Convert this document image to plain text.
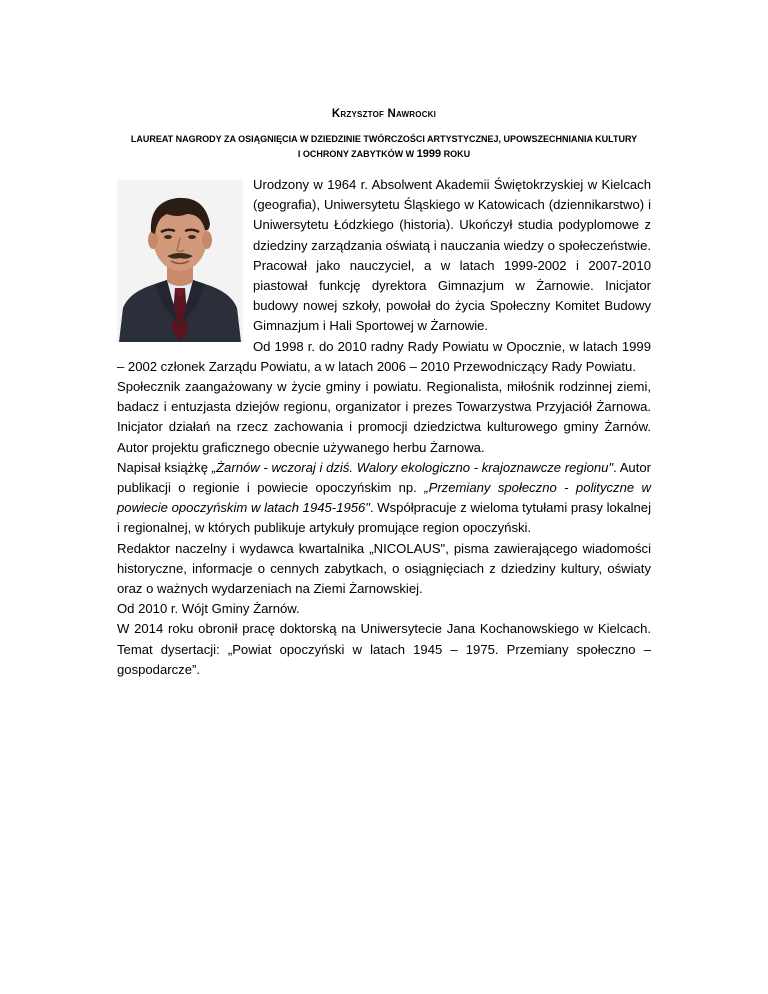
Krzysztof Nawrocki
LAUREAT NAGRODY ZA OSIĄGNIĘCIA W DZIEDZINIE TWÓRCZOŚCI ARTYSTYCZNEJ, UPOWSZECHNIANIA KULTURY
I OCHRONY ZABYTKÓW W 1999 ROKU

Urodzony w 1964 r. Absolwent Akademii Świętokrzyskiej w Kielcach (geografia), Uniwersytetu Śląskiego w Katowicach (dziennikarstwo) i Uniwersytetu Łódzkiego (historia). Ukończył studia podyplomowe z dziedziny zarządzania oświatą i nauczania wiedzy o społeczeństwie. Pracował jako nauczyciel, a w latach 1999-2002 i 2007-2010 piastował funkcję dyrektora Gimnazjum w Żarnowie. Inicjator budowy nowej szkoły, powołał do życia Społeczny Komitet Budowy Gimnazjum i Hali Sportowej w Żarnowie.

Od 1998 r. do 2010 radny Rady Powiatu w Opocznie, w latach 1999 – 2002 członek Zarządu Powiatu, a w latach 2006 – 2010 Przewodniczący Rady Powiatu.

Społecznik zaangażowany w życie gminy i powiatu. Regionalista, miłośnik rodzinnej ziemi, badacz i entuzjasta dziejów regionu, organizator i prezes Towarzystwa Przyjaciół Żarnowa. Inicjator działań na rzecz zachowania i promocji dziedzictwa kulturowego gminy Żarnów. Autor projektu graficznego obecnie używanego herbu Żarnowa.

Napisał książkę „Żarnów - wczoraj i dziś. Walory ekologiczno - krajoznawcze regionu". Autor publikacji o regionie i powiecie opoczyńskim np. „Przemiany społeczno - polityczne w powiecie opoczyńskim w latach 1945-1956". Współpracuje z wieloma tytułami prasy lokalnej i regionalnej, w których publikuje artykuły promujące region opoczyński.

Redaktor naczelny i wydawca kwartalnika „NICOLAUS", pisma zawierającego wiadomości historyczne, informacje o cennych zabytkach, o osiągnięciach z dziedziny kultury, oświaty oraz o ważnych wydarzeniach na Ziemi Żarnowskiej.

Od 2010 r. Wójt Gminy Żarnów.

W 2014 roku obronił pracę doktorską na Uniwersytecie Jana Kochanowskiego w Kielcach. Temat dysertacji: „Powiat opoczyński w latach 1945 – 1975. Przemiany społeczno – gospodarcze”.
